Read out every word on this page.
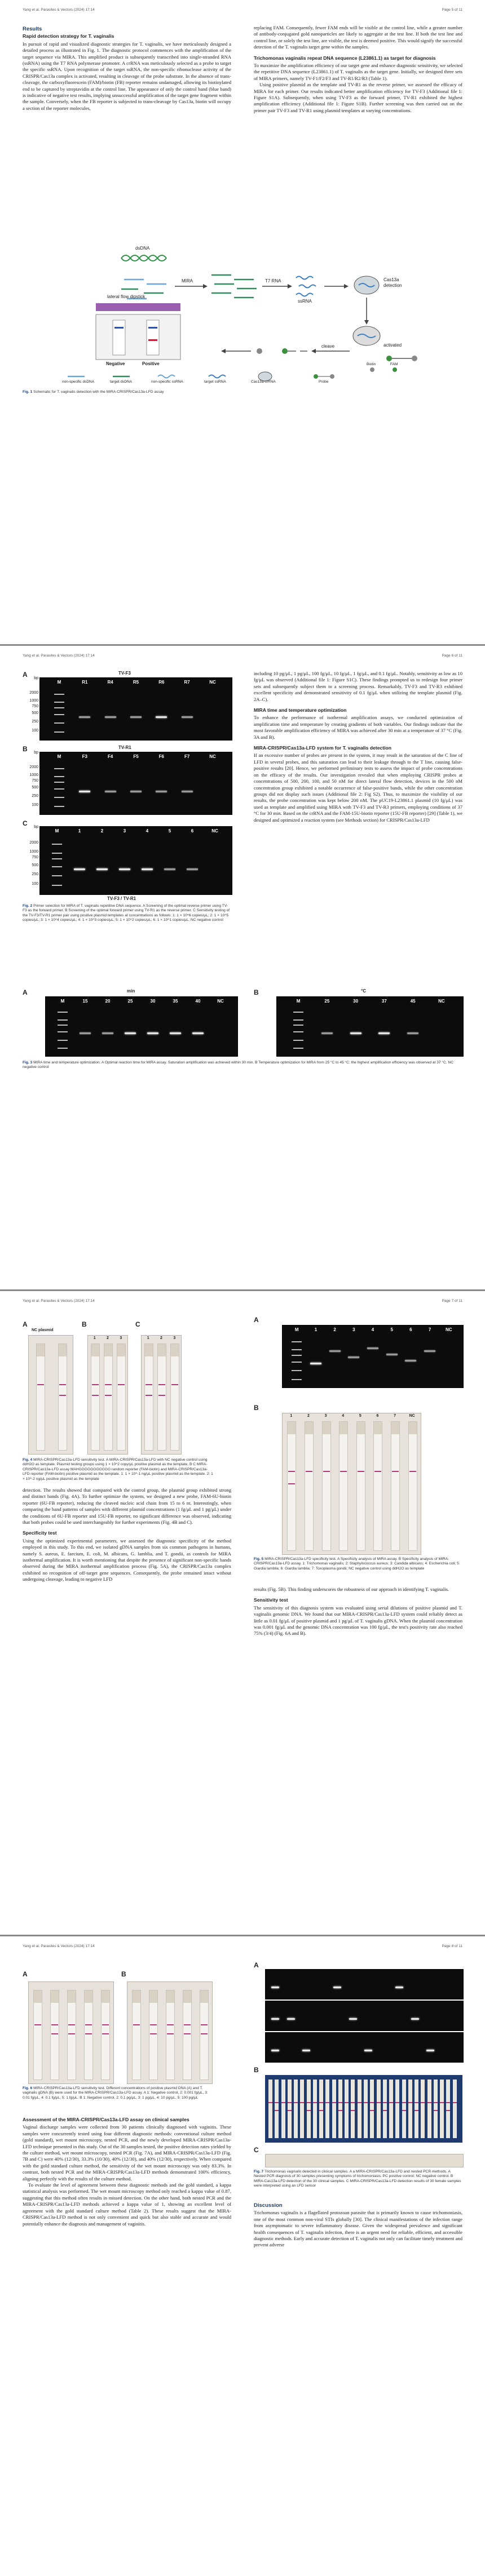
Yang et al. Parasites & Vectors (2024) 17:14	Page 5 of 11
Results
Rapid detection strategy for T. vaginalis

In pursuit of rapid and visualized diagnostic strategies for T. vaginalis, we have meticulously designed a detailed process as illustrated in Fig. 1. The diagnostic protocol commences with the amplification of the target sequence via MIRA. This amplified product is subsequently transcribed into single-stranded RNA (ssRNA) using the T7 RNA polymerase promoter. A crRNA was meticulously selected as a probe to target the specific ssRNA. Upon recognition of the target ssRNA, the non-specific ribonuclease activity of the CRISPR/Cas13a complex is activated, resulting in cleavage of the probe substrate. In the absence of trans-cleavage, the carboxyfluorescein (FAM)/biotin (FB) reporter remains undamaged, allowing its biotinylated end to be captured by streptavidin at the control line. The appearance of only the control band (blue band) is indicative of negative test results, implying unsuccessful amplification of the target gene fragment within the sample. Conversely, when the FB reporter is subjected to trans-cleavage by Cas13a, biotin will occupy a section of the reporter molecules,

replacing FAM. Consequently, fewer FAM ends will be visible at the control line, while a greater number of antibody-conjugated gold nanoparticles are likely to aggregate at the test line. If both the test line and control line, or solely the test line, are visible, the test is deemed positive. This would signify the successful detection of the T. vaginalis target gene within the samples.

Trichomonas vaginalis repeat DNA sequence (L23861.1) as target for diagnosis

To maximize the amplification efficiency of our target gene and enhance diagnostic sensitivity, we selected the repetitive DNA sequence (L23861.1) of T. vaginalis as the target gene. Initially, we designed three sets of MIRA primers, namely TV-F1/F2/F3 and TV-R1/R2/R3 (Table 1).

Using positive plasmid as the template and TV-R1 as the reverse primer, we assessed the efficacy of MIRA for each primer. Our results indicated better amplification efficiency for TV-F3 (Additional file 1: Figure S1A). Subsequently, when using TV-F3 as the forward primer, TV-R1 exhibited the highest amplification efficiency (Additional file 1: Figure S1B). Further screening was then carried out on the primer pair TV-F3 and TV-R1 using plasmid templates at varying concentrations.

dsDNA
MIRA	T7 RNA
ssRNA
Cas13a
detection
activated
cleave
lateral flow dipstick
Negative	Positive	Biotin	FAM
non-specific dsDNA	target dsDNA	non-specific ssRNA	target ssRNA	Cas13a-crRNA	Probe
Fig. 1 Schematic for T. vaginalis detection with the MIRA-CRISPR/Cas13a-LFD assay
Yang et al. Parasites & Vectors (2024) 17:14	Page 6 of 11
A	TV-F3
bp
M	R1	R4	R5	R6	R7	NC
B	TV-R1
bp
M	F3	F4	F5	F6	F7	NC
C	bp
M	1	2	3	4	5	6	NC
TV-F3 / TV-R1
Fig. 2 Primer selection for MIRA of T. vaginalis repetitive DNA sequence. A Screening of the optimal reverse primer using TV-F3 as the forward primer. B Screening of the optimal forward primer using TV-R1 as the reverse primer. C Sensitivity testing of the TV-F3/TV-R1 primer pair using positive plasmid templates at concentrations as follows: 1: 1 × 10^6 copies/μL; 2: 1 × 10^5 copies/μL; 3: 1 × 10^4 copies/μL; 4: 1 × 10^3 copies/μL; 5: 1 × 10^2 copies/μL; 6: 1 × 10^1 copies/μL; NC negative control

including 10 pg/μL, 1 pg/μL, 100 fg/μL, 10 fg/μL, 1 fg/μL, and 0.1 fg/μL. Notably, sensitivity as low as 10 fg/μL was observed (Additional file 1: Figure S1C). These findings prompted us to redesign four primer sets and subsequently subject them to a screening process. Remarkably, TV-F3 and TV-R3 exhibited excellent specificity and demonstrated sensitivity of 0.1 fg/μL when utilizing the template plasmid (Fig. 2A–C).

MIRA time and temperature optimization

To enhance the performance of isothermal amplification assays, we conducted optimization of amplification time and temperature by creating gradients of both variables. Our findings indicate that the most favorable amplification efficiency of MIRA was achieved after 30 min at a temperature of 37 °C (Fig. 3A and B).

MIRA-CRISPR/Cas13a-LFD system for T. vaginalis detection

If an excessive number of probes are present in the system, it may result in the saturation of the C line of LFD in several probes, and this saturation can lead to their leakage through to the T line, causing false-positive results [20]. Hence, we performed preliminary tests to assess the impact of probe concentrations on the efficacy of the results. Our investigation revealed that when employing CRISPR probes at concentrations of 500, 200, 100, and 50 nM for direct lateral flow detection, devices in the 500 nM concentration group exhibited a notable occurrence of false-positive bands, while the other concentration groups did not display such issues (Additional file 2: Fig S2). Thus, to maximize the visibility of our results, the probe concentration was kept below 200 nM. The pUC19-L23861.1 plasmid (10 fg/μL) was used as template and amplified using MIRA with TV-F3 and TV-R3 primers, employing conditions of 37 °C for 30 min. Based on the crRNA and the FAM-15U-biotin reporter (15U-FB reporter) [29] (Table 1), we designed and optimized a reaction system (see Methods section) for CRISPR/Cas13a-LFD

A	min
M	15	20	25	30	35	40	NC
B	°C
M	25	30	37	45	NC
Fig. 3 MIRA time and temperature optimization. A Optimal reaction time for MIRA assay. Saturation amplification was achieved within 30 min. B Temperature optimization for MIRA from 25 °C to 45 °C; the highest amplification efficiency was observed at 37 °C. NC negative control
2000
1000
750
500
250
100
2000
1000
750
500
250
100
2000
1000
750
500
250
100
Yang et al. Parasites & Vectors (2024) 17:14	Page 7 of 11
A
NC plasmid
B
1	2	3
C
1	2	3
Fig. 4 MIRA-CRISPR/Cas13a-LFD sensitivity test. A MIRA-CRISPR/Cas13a-LFD with NC negative control using ddH2O as template. Plasmid testing groups using 1 × 10^2 copy/μL positive plasmid as the template. B C MIRA-CRISPR/Cas13a-LFD assay MAHGGGGGGGGGGG random reporter (FAM-biotin) and MIRA-CRISPR/Cas13a-LFD reporter (FAM-biotin) positive plasmid as the template. 1: 1 × 10^-1 ng/μL positive plasmid as the template. 2: 1 × 10^-2 ng/μL positive plasmid as the template
A
M	1	2	3	4	5	6	7	NC
B
1	2	3	4	5	6	7	NC
Fig. 5 MIRA-CRISPR/Cas13a-LFD specificity test. A Specificity analysis of MIRA assay. B Specificity analysis of MIRA-CRISPR/Cas13a-LFD assay. 1: Trichomonas vaginalis; 2: Staphylococcus aureus; 3: Candida albicans; 4: Escherichia coli; 5: Giardia lamblia; 6: Giardia lamblia; 7: Toxoplasma gondii; NC negative control using ddH2O as template

detection. The results showed that compared with the control group, the plasmid group exhibited strong and distinct bands (Fig. 4A). To further optimize the system, we designed a new probe, FAM-6U-biotin reporter (6U-FB reporter), reducing the cleaved nucleic acid chain from 15 to 6 nt. Interestingly, when comparing the band patterns of samples with different plasmid concentrations (1 fg/μL and 1 pg/μL) under the conditions of 6U-FB reporter and 15U-FB reporter, no significant difference was observed, indicating that both probes could be used interchangeably for further experiments (Fig. 4B and C).

Specificity test

Using the optimized experimental parameters, we assessed the diagnostic specificity of the method employed in this study. To this end, we isolated gDNA samples from six common pathogens in humans, namely S. aureus, E. faecium, E. coli, M. albicans, G. lamblia, and T. gondii, as controls for MIRA isothermal amplification. It is worth mentioning that despite the presence of significant non-specific bands observed during the MIRA isothermal amplification process (Fig. 5A), the CRISPR/Cas13a complex exhibited no recognition of off-target gene sequences. Consequently, the probe remained intact without undergoing cleavage, leading to negative LFD

results (Fig. 5B). This finding underscores the robustness of our approach in identifying T. vaginalis.

Sensitivity test

The sensitivity of this diagnosis system was evaluated using serial dilutions of positive plasmid and T. vaginalis genomic DNA. We found that our MIRA-CRISPR/Cas13a-LFD system could reliably detect as little as 0.01 fg/μL of positive plasmid and 1 pg/μL of T. vaginalis gDNA. When the plasmid concentration was 0.001 fg/μL and the genomic DNA concentration was 100 fg/μL, the test's positivity rate also reached 75% (3/4) (Fig. 6A and B).

Yang et al. Parasites & Vectors (2024) 17:14	Page 8 of 11
A	B
Fig. 6 MIRA-CRISPR/Cas13a-LFD sensitivity test. Different concentrations of positive plasmid DNA (A) and T. vaginalis gDNA (B) were used for the MIRA-CRISPR/Cas13a-LFD assay. A 1: Negative control, 2: 0.001 fg/μL, 3: 0.01 fg/μL, 4: 0.1 fg/μL, 5: 1 fg/μL. B 1: Negative control, 2: 0.1 pg/μL, 3: 1 pg/μL, 4: 10 pg/μL, 5: 100 pg/μL
Assessment of the MIRA-CRISPR/Cas13a-LFD assay on clinical samples

Vaginal discharge samples were collected from 30 patients clinically diagnosed with vaginitis. These samples were concurrently tested using four different diagnostic methods: conventional culture method (gold standard), wet mount microscopy, nested PCR, and the newly developed MIRA-CRISPR/Cas13a-LFD technique presented in this study. Out of the 30 samples tested, the positive detection rates yielded by the culture method, wet mount microscopy, nested PCR (Fig. 7A), and MIRA-CRISPR/Cas13a-LFD (Fig. 7B and C) were 40% (12/30), 33.3% (10/30), 40% (12/30), and 40% (12/30), respectively. When compared with the gold standard culture method, the sensitivity of the wet mount microscopy was only 83.3%. In contrast, both nested PCR and the MIRA-CRISPR/Cas13a-LFD methods demonstrated 100% efficiency, aligning perfectly with the results of the culture method.

To evaluate the level of agreement between these diagnostic methods and the gold standard, a kappa statistical analysis was performed. The wet mount microscopy method only reached a kappa value of 0.87, suggesting that this method often results in missed detection. On the other hand, both nested PCR and the MIRA-CRISPR/Cas13a-LFD methods achieved a kappa value of 1, showing an excellent level of agreement with the gold standard culture method (Table 2). These results suggest that the MIRA-CRISPR/Cas13a-LFD method is not only convenient and quick but also stable and accurate and would potentially enhance the diagnosis and management of vaginitis.

A
B
C
Fig. 7 Trichomonas vaginalis detected in clinical samples. A a MIRA-CRISPR/Cas13a-LFD and nested PCR methods. A Nested PCR diagnosis of 30 samples presenting symptoms of trichomoniasis. PC positive control; NC negative control. B MIRA-Cas13a-LFD detection of the 30 clinical samples. C MIRA-CRISPR/Cas13a-LFD detection results of 30 female samples were interpreted using an LFD sensor
Discussion

Trichomonas vaginalis is a flagellated protozoan parasite that is primarily known to cause trichomoniasis, one of the most common non-viral STIs globally [30]. The clinical manifestations of the infection range from asymptomatic to severe inflammatory disease. Given the widespread prevalence and significant health consequences of T. vaginalis infection, there is an urgent need for reliable, efficient, and accessible diagnostic methods. Early and accurate detection of T. vaginalis not only can facilitate timely treatment and prevent adverse
